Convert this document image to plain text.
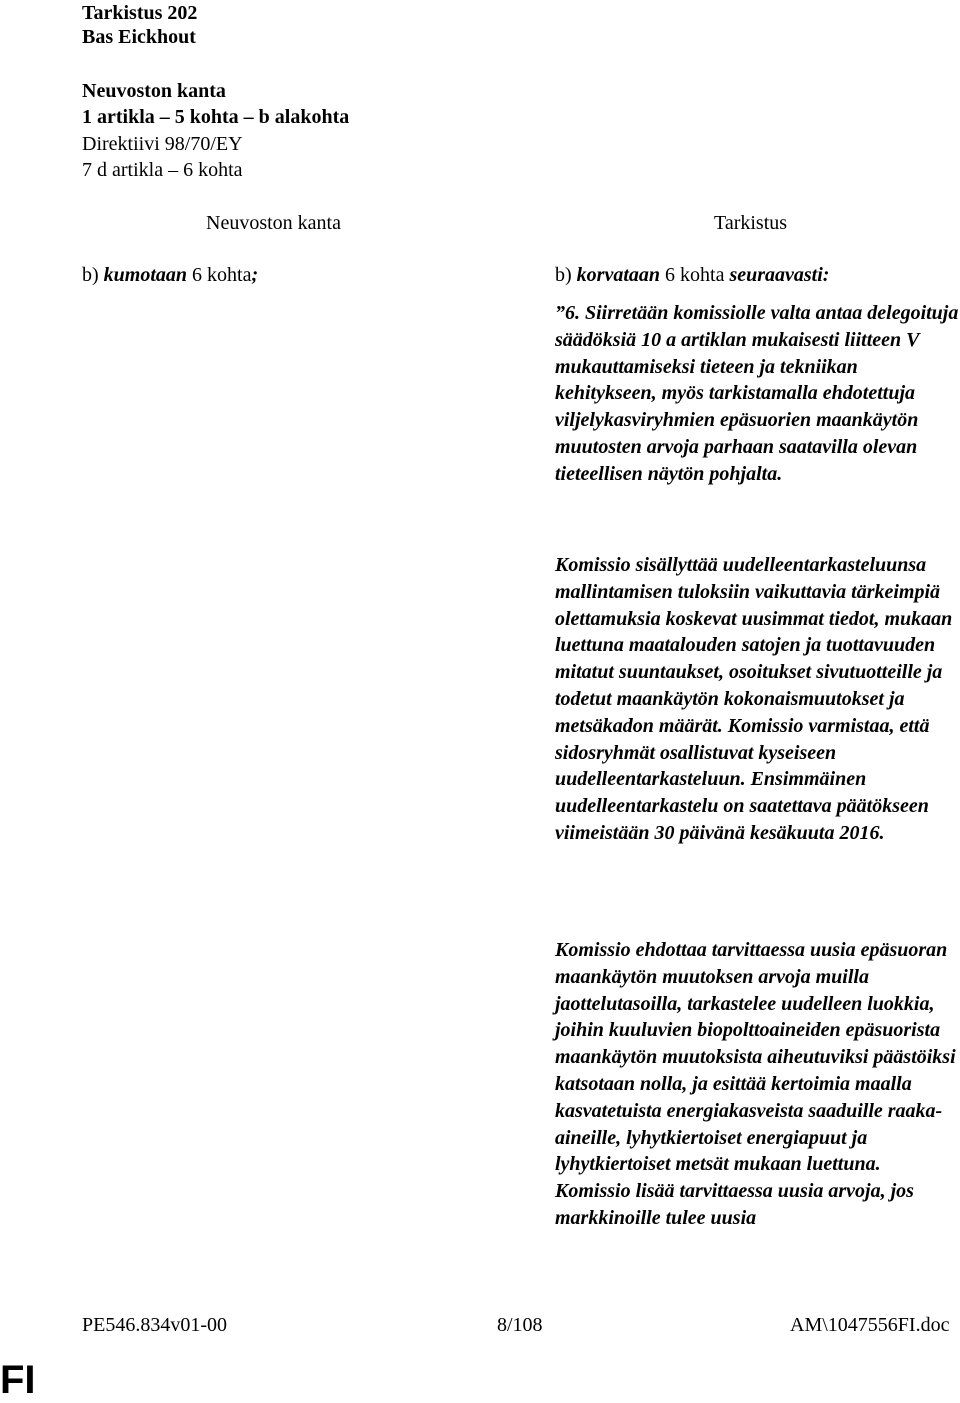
Tarkistus 202
Bas Eickhout
Neuvoston kanta
1 artikla – 5 kohta – b alakohta
Direktiivi 98/70/EY
7 d artikla – 6 kohta
Neuvoston kanta	Tarkistus
b) kumotaan 6 kohta;	b) korvataan 6 kohta seuraavasti:
”6. Siirretään komissiolle valta antaa delegoituja säädöksiä 10 a artiklan mukaisesti liitteen V mukauttamiseksi tieteen ja tekniikan kehitykseen, myös tarkistamalla ehdotettuja viljelykasviryhmien epäsuorien maankäytön muutosten arvoja parhaan saatavilla olevan tieteellisen näytön pohjalta.
Komissio sisällyttää uudelleentarkasteluunsa mallintamisen tuloksiin vaikuttavia tärkeimpiä olettamuksia koskevat uusimmat tiedot, mukaan luettuna maatalouden satojen ja tuottavuuden mitatut suuntaukset, osoitukset sivutuotteille ja todetut maankäytön kokonaismuutokset ja metsäkadon määrät. Komissio varmistaa, että sidosryhmät osallistuvat kyseiseen uudelleentarkasteluun. Ensimmäinen uudelleentarkastelu on saatettava päätökseen viimeistään 30 päivänä kesäkuuta 2016.
Komissio ehdottaa tarvittaessa uusia epäsuoran maankäytön muutoksen arvoja muilla jaottelutasoilla, tarkastelee uudelleen luokkia, joihin kuuluvien biopolttoaineiden epäsuorista maankäytön muutoksista aiheutuviksi päästöiksi katsotaan nolla, ja esittää kertoimia maalla kasvatetuista energiakasveista saaduille raaka-aineille, lyhytkiertoiset energiapuut ja lyhytkiertoiset metsät mukaan luettuna. Komissio lisää tarvittaessa uusia arvoja, jos markkinoille tulee uusia
PE546.834v01-00	8/108	AM\1047556FI.doc
FI
